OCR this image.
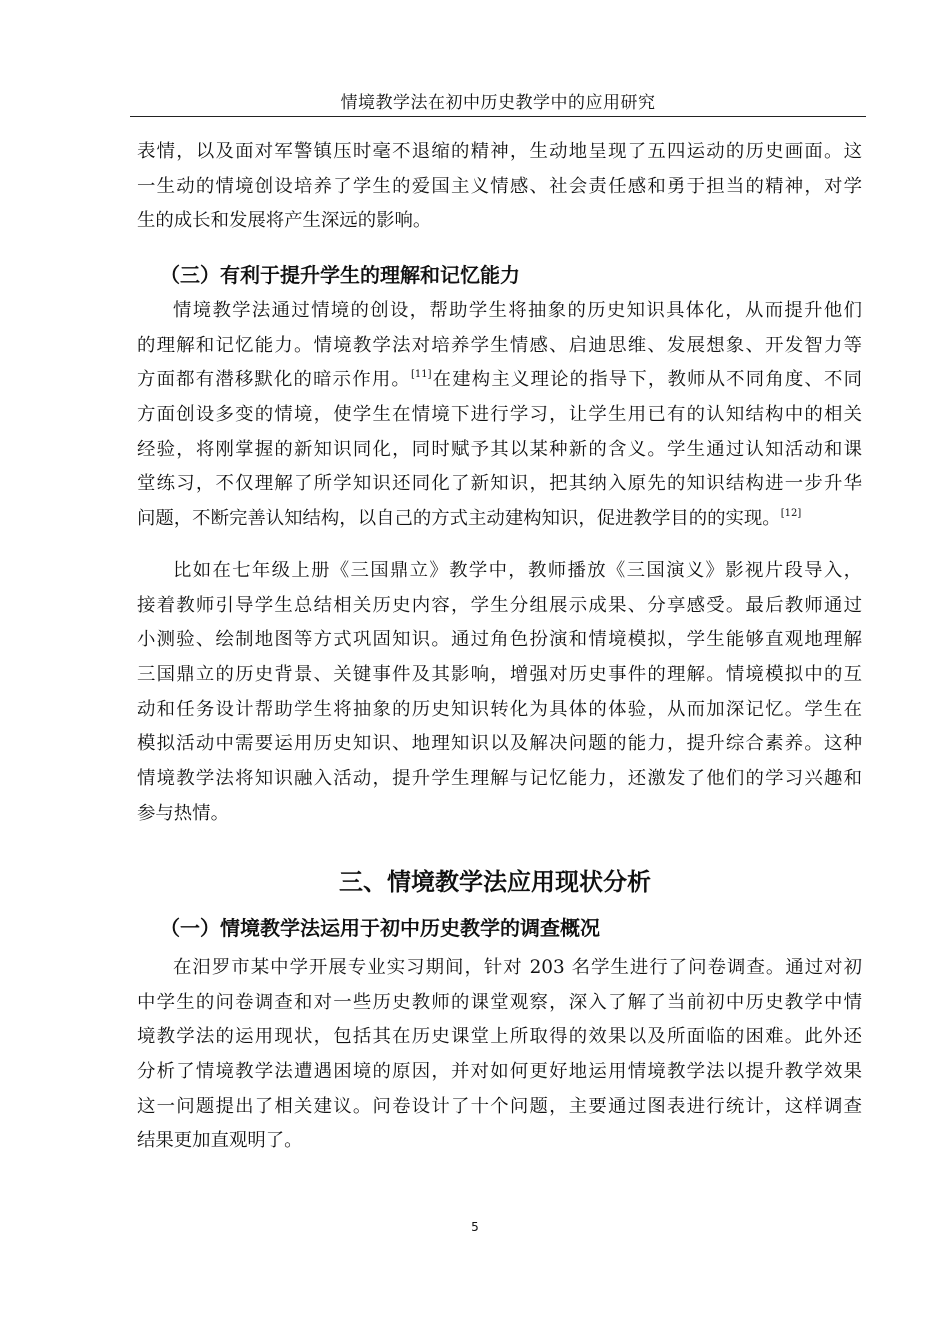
情境教学法在初中历史教学中的应用研究
表情，以及面对军警镇压时毫不退缩的精神，生动地呈现了五四运动的历史画面。这
一生动的情境创设培养了学生的爱国主义情感、社会责任感和勇于担当的精神，对学
生的成长和发展将产生深远的影响。
（三）有利于提升学生的理解和记忆能力
情境教学法通过情境的创设，帮助学生将抽象的历史知识具体化，从而提升他们
的理解和记忆能力。情境教学法对培养学生情感、启迪思维、发展想象、开发智力等
方面都有潜移默化的暗示作用。[11]在建构主义理论的指导下，教师从不同角度、不同
方面创设多变的情境，使学生在情境下进行学习，让学生用已有的认知结构中的相关
经验，将刚掌握的新知识同化，同时赋予其以某种新的含义。学生通过认知活动和课
堂练习，不仅理解了所学知识还同化了新知识，把其纳入原先的知识结构进一步升华
问题，不断完善认知结构，以自己的方式主动建构知识，促进教学目的的实现。[12]
比如在七年级上册《三国鼎立》教学中，教师播放《三国演义》影视片段导入，
接着教师引导学生总结相关历史内容，学生分组展示成果、分享感受。最后教师通过
小测验、绘制地图等方式巩固知识。通过角色扮演和情境模拟，学生能够直观地理解
三国鼎立的历史背景、关键事件及其影响，增强对历史事件的理解。情境模拟中的互
动和任务设计帮助学生将抽象的历史知识转化为具体的体验，从而加深记忆。学生在
模拟活动中需要运用历史知识、地理知识以及解决问题的能力，提升综合素养。这种
情境教学法将知识融入活动，提升学生理解与记忆能力，还激发了他们的学习兴趣和
参与热情。
三、情境教学法应用现状分析
（一）情境教学法运用于初中历史教学的调查概况
在汨罗市某中学开展专业实习期间，针对 203 名学生进行了问卷调查。通过对初
中学生的问卷调查和对一些历史教师的课堂观察，深入了解了当前初中历史教学中情
境教学法的运用现状，包括其在历史课堂上所取得的效果以及所面临的困难。此外还
分析了情境教学法遭遇困境的原因，并对如何更好地运用情境教学法以提升教学效果
这一问题提出了相关建议。问卷设计了十个问题，主要通过图表进行统计，这样调查
结果更加直观明了。
5
